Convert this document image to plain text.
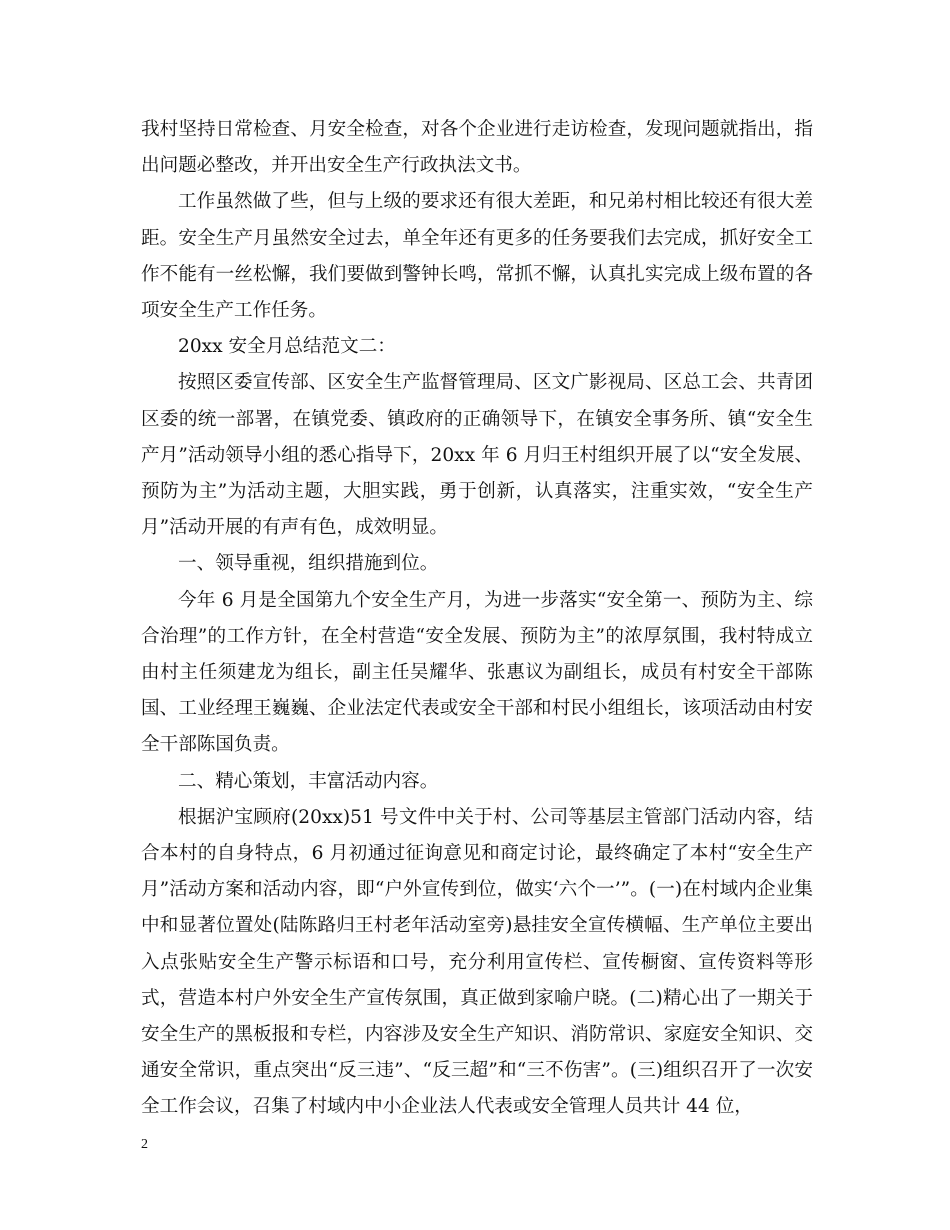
我村坚持日常检查、月安全检查，对各个企业进行走访检查，发现问题就指出，指出问题必整改，并开出安全生产行政执法文书。

工作虽然做了些，但与上级的要求还有很大差距，和兄弟村相比较还有很大差距。安全生产月虽然安全过去，单全年还有更多的任务要我们去完成，抓好安全工作不能有一丝松懈，我们要做到警钟长鸣，常抓不懈，认真扎实完成上级布置的各项安全生产工作任务。

20xx 安全月总结范文二：

按照区委宣传部、区安全生产监督管理局、区文广影视局、区总工会、共青团区委的统一部署，在镇党委、镇政府的正确领导下，在镇安全事务所、镇“安全生产月”活动领导小组的悉心指导下，20xx 年 6 月归王村组织开展了以“安全发展、预防为主”为活动主题，大胆实践，勇于创新，认真落实，注重实效，“安全生产月”活动开展的有声有色，成效明显。

一、领导重视，组织措施到位。

今年 6 月是全国第九个安全生产月，为进一步落实“安全第一、预防为主、综合治理”的工作方针，在全村营造“安全发展、预防为主”的浓厚氛围，我村特成立由村主任须建龙为组长，副主任吴耀华、张惠议为副组长，成员有村安全干部陈国、工业经理王巍巍、企业法定代表或安全干部和村民小组组长，该项活动由村安全干部陈国负责。

二、精心策划，丰富活动内容。

根据沪宝顾府(20xx)51 号文件中关于村、公司等基层主管部门活动内容，结合本村的自身特点，6 月初通过征询意见和商定讨论，最终确定了本村“安全生产月”活动方案和活动内容，即“户外宣传到位，做实‘六个一’”。(一)在村域内企业集中和显著位置处(陆陈路归王村老年活动室旁)悬挂安全宣传横幅、生产单位主要出入点张贴安全生产警示标语和口号，充分利用宣传栏、宣传橱窗、宣传资料等形式，营造本村户外安全生产宣传氛围，真正做到家喻户晓。(二)精心出了一期关于安全生产的黑板报和专栏，内容涉及安全生产知识、消防常识、家庭安全知识、交通安全常识，重点突出“反三违”、“反三超”和“三不伤害”。(三)组织召开了一次安全工作会议，召集了村域内中小企业法人代表或安全管理人员共计 44 位，

2
